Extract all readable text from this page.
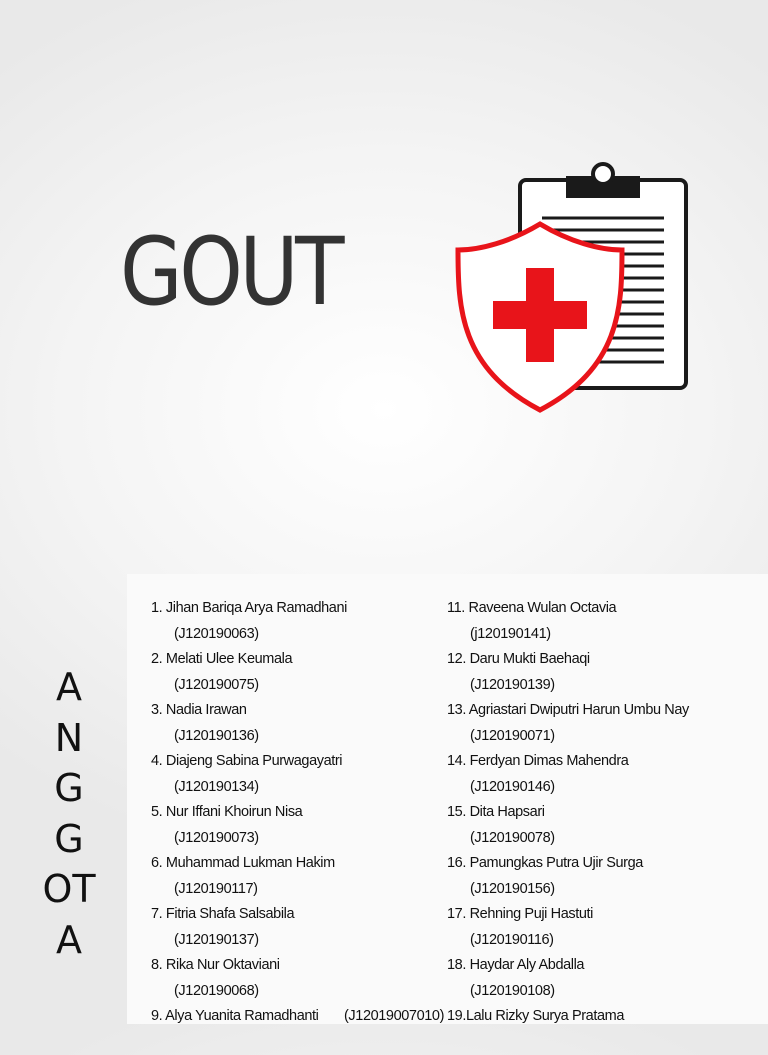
GOUT
A
N
G
G
OT
A
1. Jihan Bariqa Arya Ramadhani
(J120190063)
2. Melati Ulee Keumala
(J120190075)
3. Nadia Irawan
(J120190136)
4. Diajeng Sabina Purwagayatri
(J120190134)
5. Nur Iffani Khoirun Nisa
(J120190073)
6. Muhammad Lukman Hakim
(J120190117)
7. Fitria Shafa Salsabila
(J120190137)
8. Rika Nur Oktaviani
(J120190068)
9. Alya Yuanita Ramadhanti (J12019007010)
11. Raveena Wulan Octavia
(j120190141)
12. Daru Mukti Baehaqi
(J120190139)
13. Agriastari Dwiputri Harun Umbu Nay
(J120190071)
14. Ferdyan Dimas Mahendra
(J120190146)
15. Dita Hapsari
(J120190078)
16. Pamungkas Putra Ujir Surga
(J120190156)
17. Rehning Puji Hastuti
(J120190116)
18. Haydar Aly Abdalla
(J120190108)
19.Lalu Rizky Surya Pratama
